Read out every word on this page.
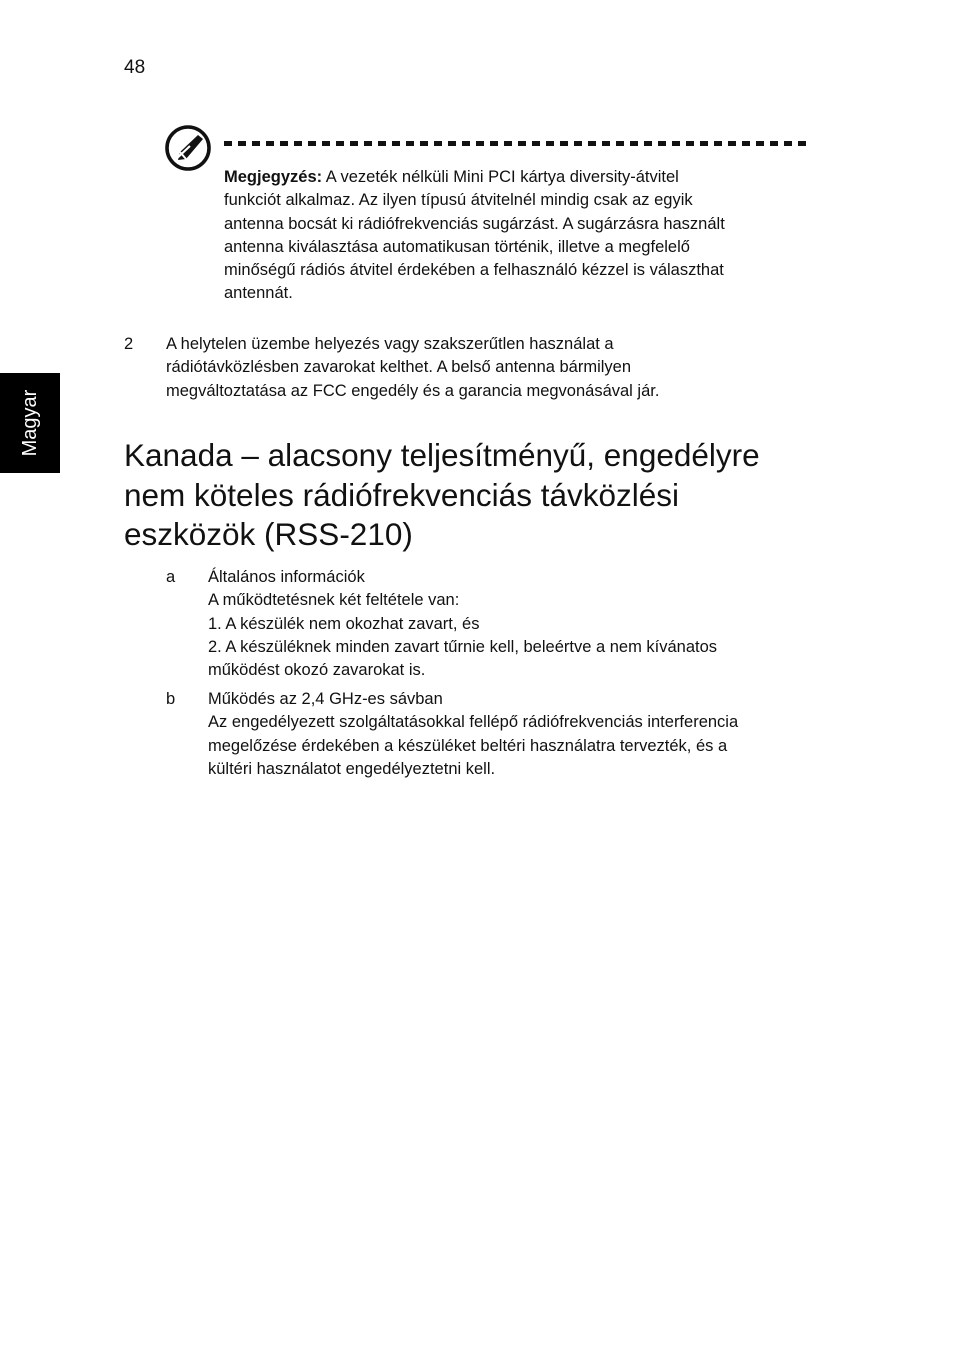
48
Magyar
Megjegyzés: A vezeték nélküli Mini PCI kártya diversity-átvitel
funkciót alkalmaz. Az ilyen típusú átvitelnél mindig csak az egyik
antenna bocsát ki rádiófrekvenciás sugárzást. A sugárzásra használt
antenna kiválasztása automatikusan történik, illetve a megfelelő
minőségű rádiós átvitel érdekében a felhasználó kézzel is választhat
antennát.
2 A helytelen üzembe helyezés vagy szakszerűtlen használat a
rádiótávközlésben zavarokat kelthet. A belső antenna bármilyen
megváltoztatása az FCC engedély és a garancia megvonásával jár.
Kanada – alacsony teljesítményű, engedélyre
nem köteles rádiófrekvenciás távközlési
eszközök (RSS-210)
a Általános információk
A működtetésnek két feltétele van:
1. A készülék nem okozhat zavart, és
2. A készüléknek minden zavart tűrnie kell, beleértve a nem kívánatos
működést okozó zavarokat is.
b Működés az 2,4 GHz-es sávban
Az engedélyezett szolgáltatásokkal fellépő rádiófrekvenciás interferencia
megelőzése érdekében a készüléket beltéri használatra tervezték, és a
kültéri használatot engedélyeztetni kell.
